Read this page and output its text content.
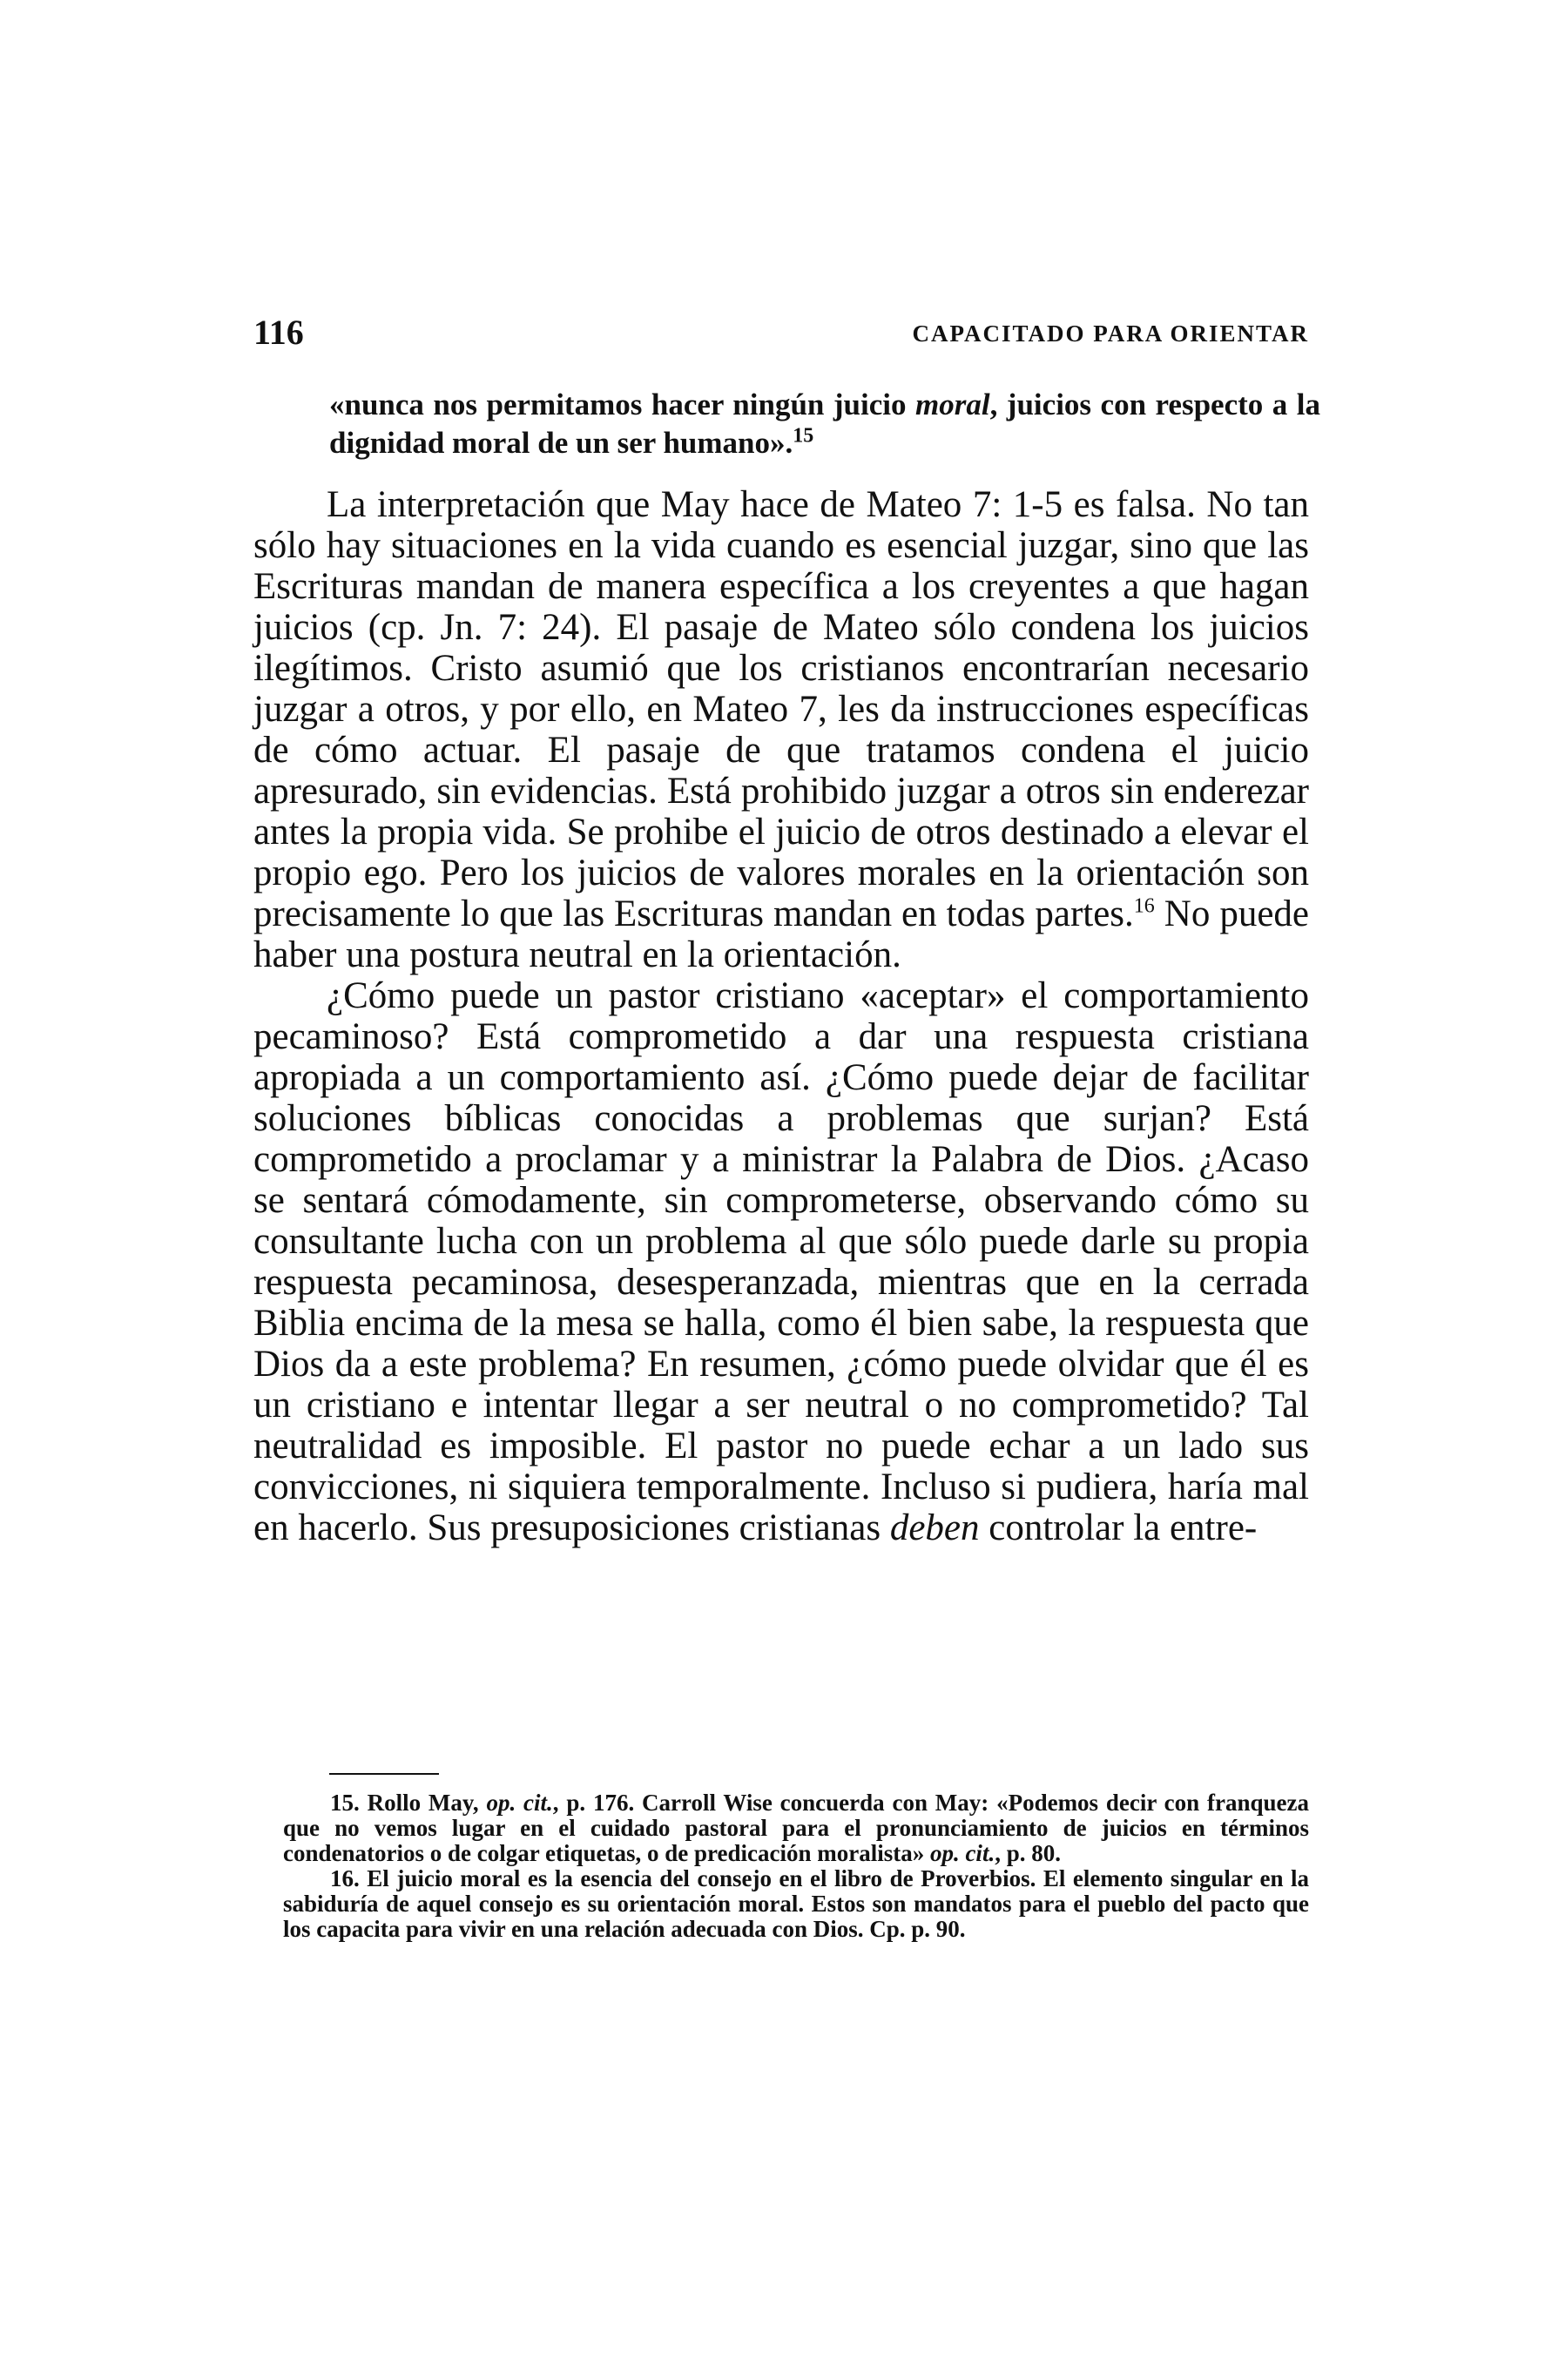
116	CAPACITADO PARA ORIENTAR
«nunca nos permitamos hacer ningún juicio moral, juicios con respecto a la dignidad moral de un ser humano».$^{15}$

La interpretación que May hace de Mateo 7: 1-5 es falsa. No tan sólo hay situaciones en la vida cuando es esencial juzgar, sino que las Escrituras mandan de manera específica a los creyentes a que hagan juicios (cp. Jn. 7: 24). El pasaje de Mateo sólo condena los juicios ilegítimos. Cristo asumió que los cristianos encontrarían necesario juzgar a otros, y por ello, en Mateo 7, les da instrucciones específicas de cómo actuar. El pasaje de que tratamos condena el juicio apresurado, sin evidencias. Está prohibido juzgar a otros sin enderezar antes la propia vida. Se prohibe el juicio de otros destinado a elevar el propio ego. Pero los juicios de valores morales en la orientación son precisamente lo que las Escrituras mandan en todas partes.$^{16}$ No puede haber una postura neutral en la orientación.

¿Cómo puede un pastor cristiano «aceptar» el comportamiento pecaminoso? Está comprometido a dar una respuesta cristiana apropiada a un comportamiento así. ¿Cómo puede dejar de facilitar soluciones bíblicas conocidas a problemas que surjan? Está comprometido a proclamar y a ministrar la Palabra de Dios. ¿Acaso se sentará cómodamente, sin comprometerse, observando cómo su consultante lucha con un problema al que sólo puede darle su propia respuesta pecaminosa, desesperanzada, mientras que en la cerrada Biblia encima de la mesa se halla, como él bien sabe, la respuesta que Dios da a este problema? En resumen, ¿cómo puede olvidar que él es un cristiano e intentar llegar a ser neutral o no comprometido? Tal neutralidad es imposible. El pastor no puede echar a un lado sus convicciones, ni siquiera temporalmente. Incluso si pudiera, haría mal en hacerlo. Sus presuposiciones cristianas deben controlar la entre-

15. Rollo May, op. cit., p. 176. Carroll Wise concuerda con May: «Podemos decir con franqueza que no vemos lugar en el cuidado pastoral para el pronunciamiento de juicios en términos condenatorios o de colgar etiquetas, o de predicación moralista» op. cit., p. 80.

16. El juicio moral es la esencia del consejo en el libro de Proverbios. El elemento singular en la sabiduría de aquel consejo es su orientación moral. Estos son mandatos para el pueblo del pacto que los capacita para vivir en una relación adecuada con Dios. Cp. p. 90.
